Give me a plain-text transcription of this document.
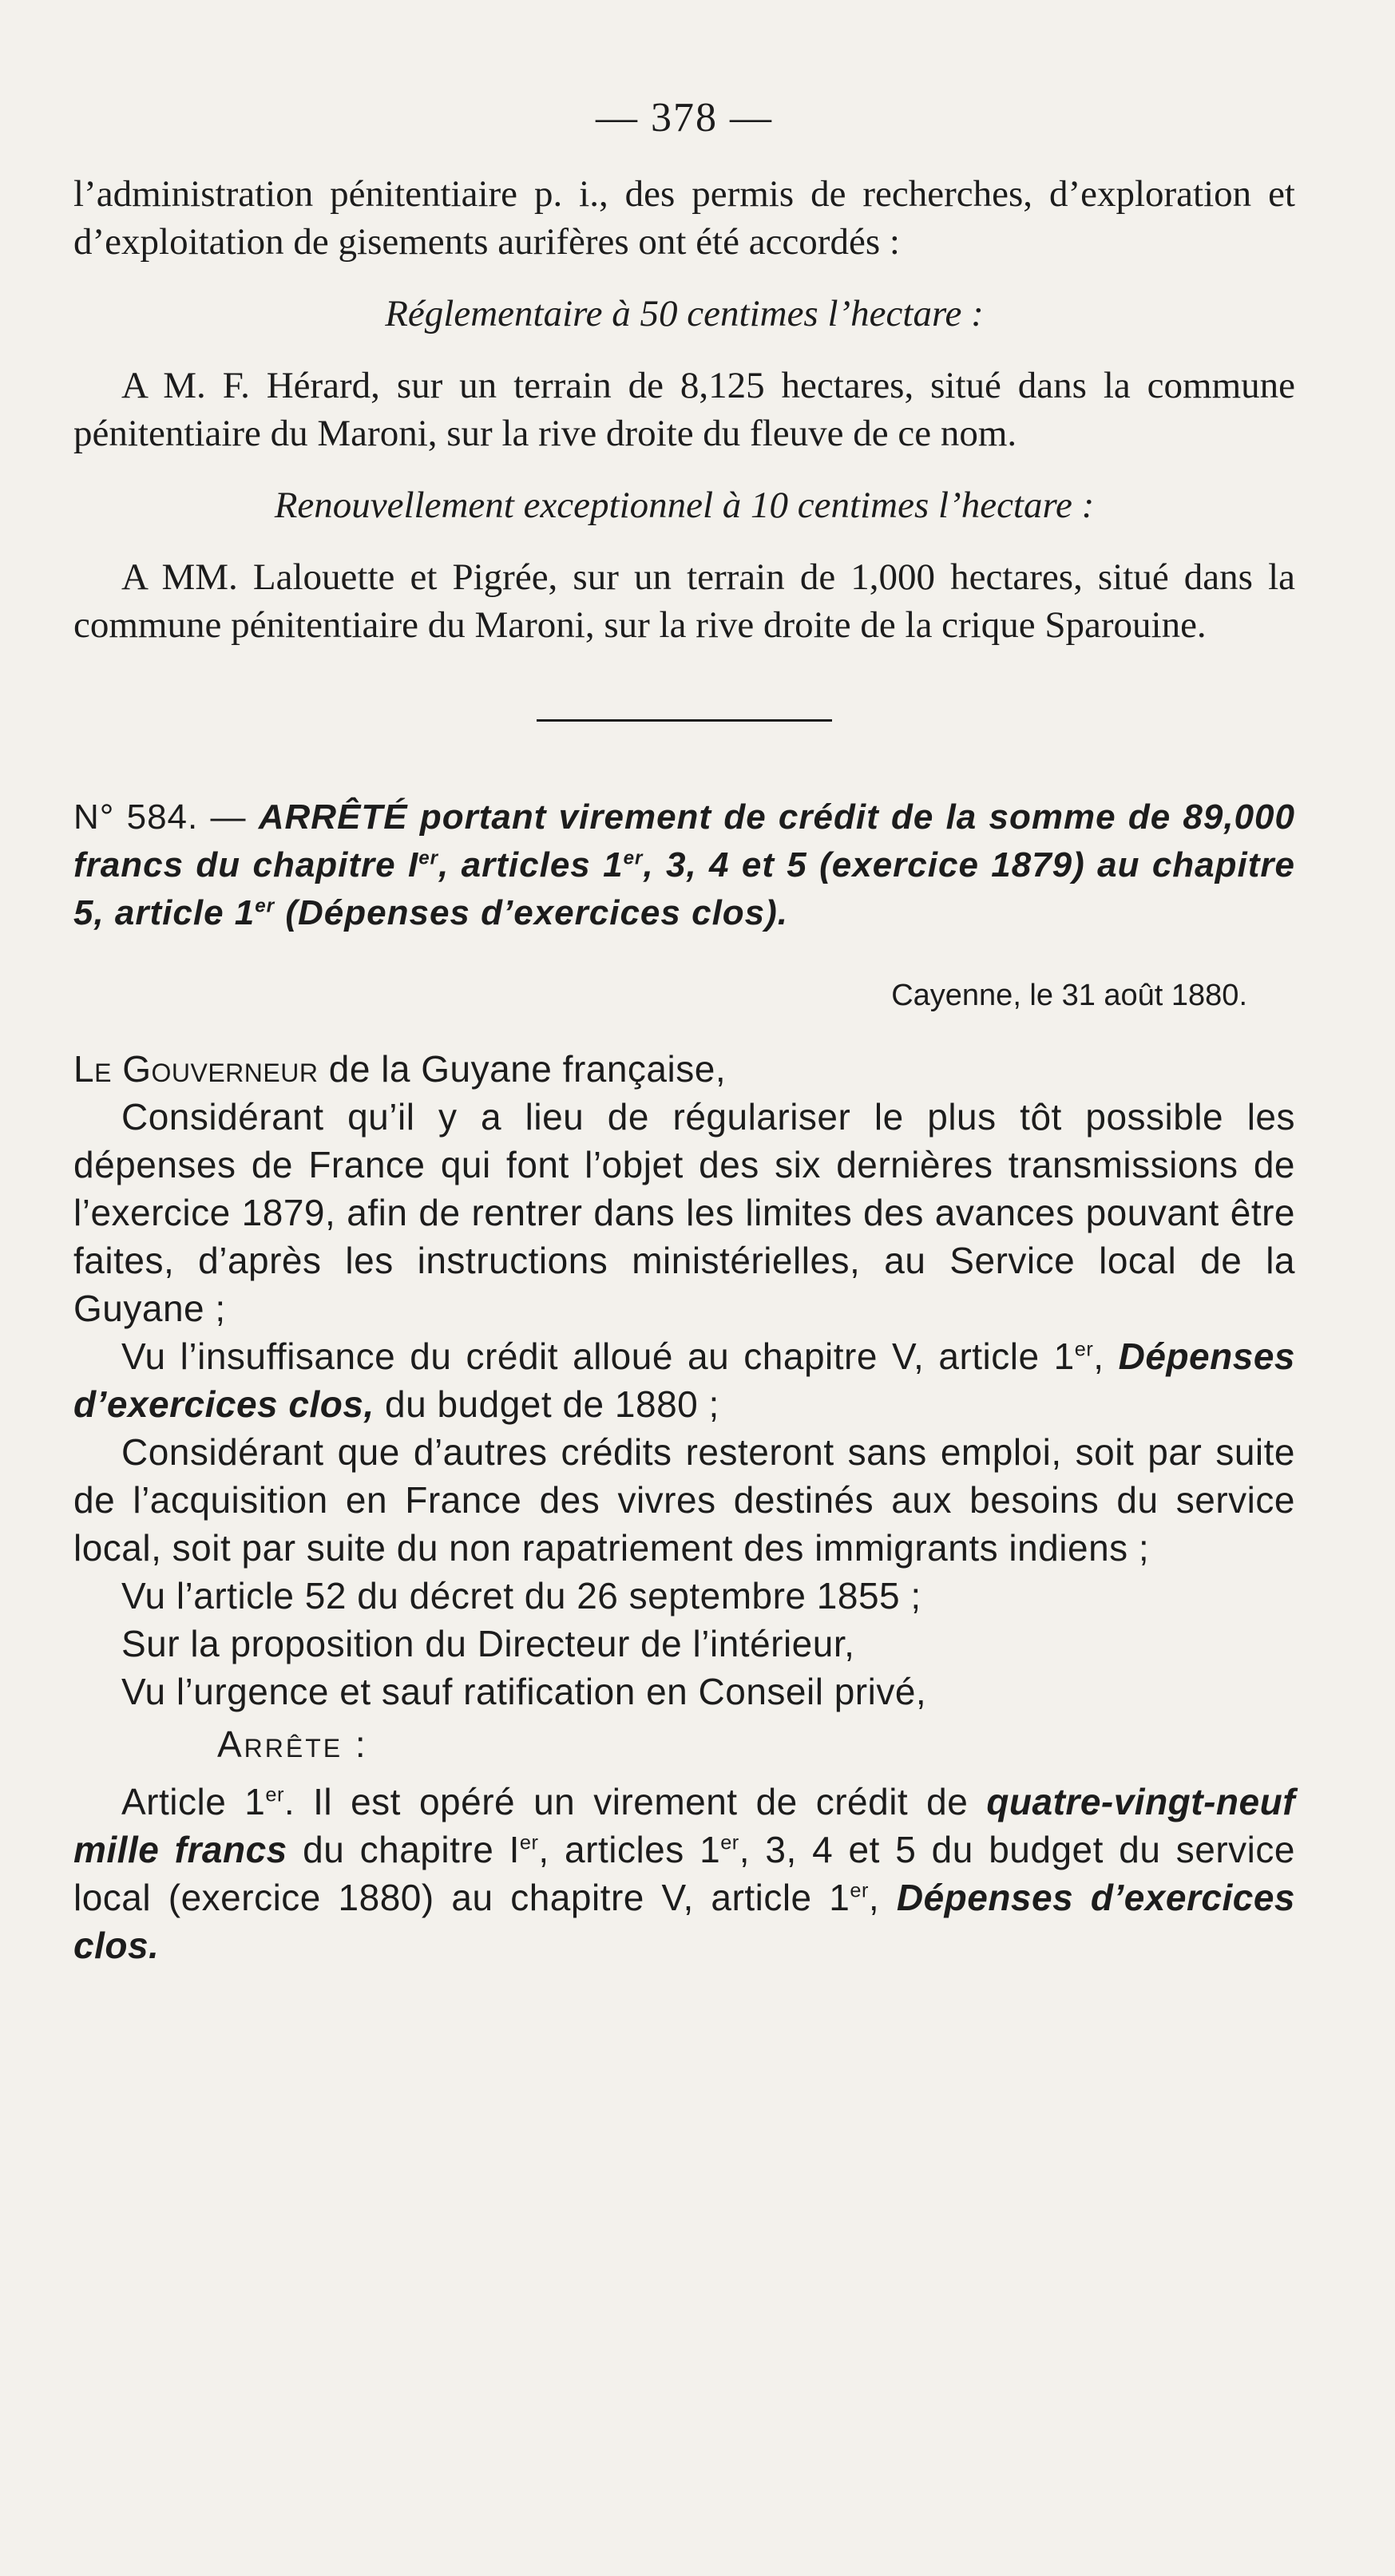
— 378 —

l’administration pénitentiaire p. i., des permis de recherches, d’exploration et d’exploitation de gisements aurifères ont été accordés :

Réglementaire à 50 centimes l’hectare :

A M. F. Hérard, sur un terrain de 8,125 hectares, situé dans la commune pénitentiaire du Maroni, sur la rive droite du fleuve de ce nom.

Renouvellement exceptionnel à 10 centimes l’hectare :

A MM. Lalouette et Pigrée, sur un terrain de 1,000 hectares, situé dans la commune pénitentiaire du Maroni, sur la rive droite de la crique Sparouine.

N° 584. — ARRÊTÉ portant virement de crédit de la somme de 89,000 francs du chapitre Ier, articles 1er, 3, 4 et 5 (exercice 1879) au chapitre 5, article 1er (Dépenses d’exercices clos).

Cayenne, le 31 août 1880.

Le Gouverneur de la Guyane française,

Considérant qu’il y a lieu de régulariser le plus tôt possible les dépenses de France qui font l’objet des six dernières transmissions de l’exercice 1879, afin de rentrer dans les limites des avances pouvant être faites, d’après les instructions ministérielles, au Service local de la Guyane ;

Vu l’insuffisance du crédit alloué au chapitre V, article 1er, Dépenses d’exercices clos, du budget de 1880 ;

Considérant que d’autres crédits resteront sans emploi, soit par suite de l’acquisition en France des vivres destinés aux besoins du service local, soit par suite du non rapatriement des immigrants indiens ;

Vu l’article 52 du décret du 26 septembre 1855 ;

Sur la proposition du Directeur de l’intérieur,

Vu l’urgence et sauf ratification en Conseil privé,

Arrête :

Article 1er. Il est opéré un virement de crédit de quatre-vingt-neuf mille francs du chapitre Ier, articles 1er, 3, 4 et 5 du budget du service local (exercice 1880) au chapitre V, article 1er, Dépenses d’exercices clos.
